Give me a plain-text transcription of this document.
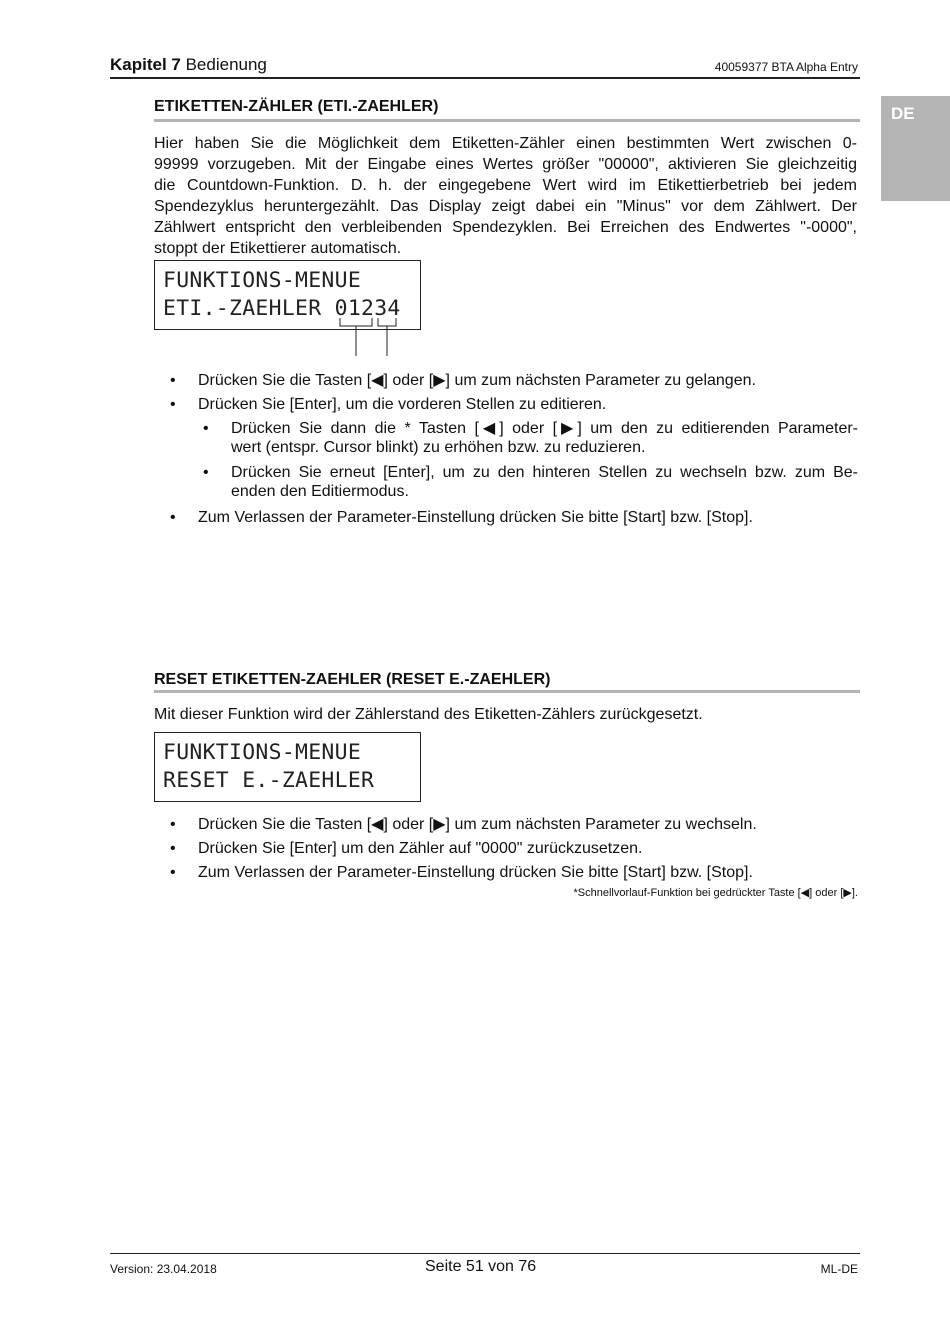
Kapitel 7 Bedienung	40059377 BTA Alpha Entry
DE
ETIKETTEN-ZÄHLER (ETI.-ZAEHLER)
Hier haben Sie die Möglichkeit dem Etiketten-Zähler einen bestimmten Wert zwischen 0-
99999 vorzugeben. Mit der Eingabe eines Wertes größer "00000", aktivieren Sie gleichzeitig
die Countdown-Funktion. D. h. der eingegebene Wert wird im Etikettierbetrieb bei jedem
Spendezyklus heruntergezählt. Das Display zeigt dabei ein "Minus" vor dem Zählwert. Der
Zählwert entspricht den verbleibenden Spendezyklen. Bei Erreichen des Endwertes "-0000",
stoppt der Etikettierer automatisch.
FUNKTIONS-MENUE
ETI.-ZAEHLER 01234
• Drücken Sie die Tasten [◀] oder [▶] um zum nächsten Parameter zu gelangen.
• Drücken Sie [Enter], um die vorderen Stellen zu editieren.
• Drücken Sie dann die * Tasten [◀] oder [▶] um den zu editierenden Parameter-
wert (entspr. Cursor blinkt) zu erhöhen bzw. zu reduzieren.
• Drücken Sie erneut [Enter], um zu den hinteren Stellen zu wechseln bzw. zum Be-
enden den Editiermodus.
• Zum Verlassen der Parameter-Einstellung drücken Sie bitte [Start] bzw. [Stop].
RESET ETIKETTEN-ZAEHLER (RESET E.-ZAEHLER)
Mit dieser Funktion wird der Zählerstand des Etiketten-Zählers zurückgesetzt.
FUNKTIONS-MENUE
RESET E.-ZAEHLER
• Drücken Sie die Tasten [◀] oder [▶] um zum nächsten Parameter zu wechseln.
• Drücken Sie [Enter] um den Zähler auf "0000" zurückzusetzen.
• Zum Verlassen der Parameter-Einstellung drücken Sie bitte [Start] bzw. [Stop].
*Schnellvorlauf-Funktion bei gedrückter Taste [◀] oder [▶].
Version: 23.04.2018	Seite 51 von 76	ML-DE
